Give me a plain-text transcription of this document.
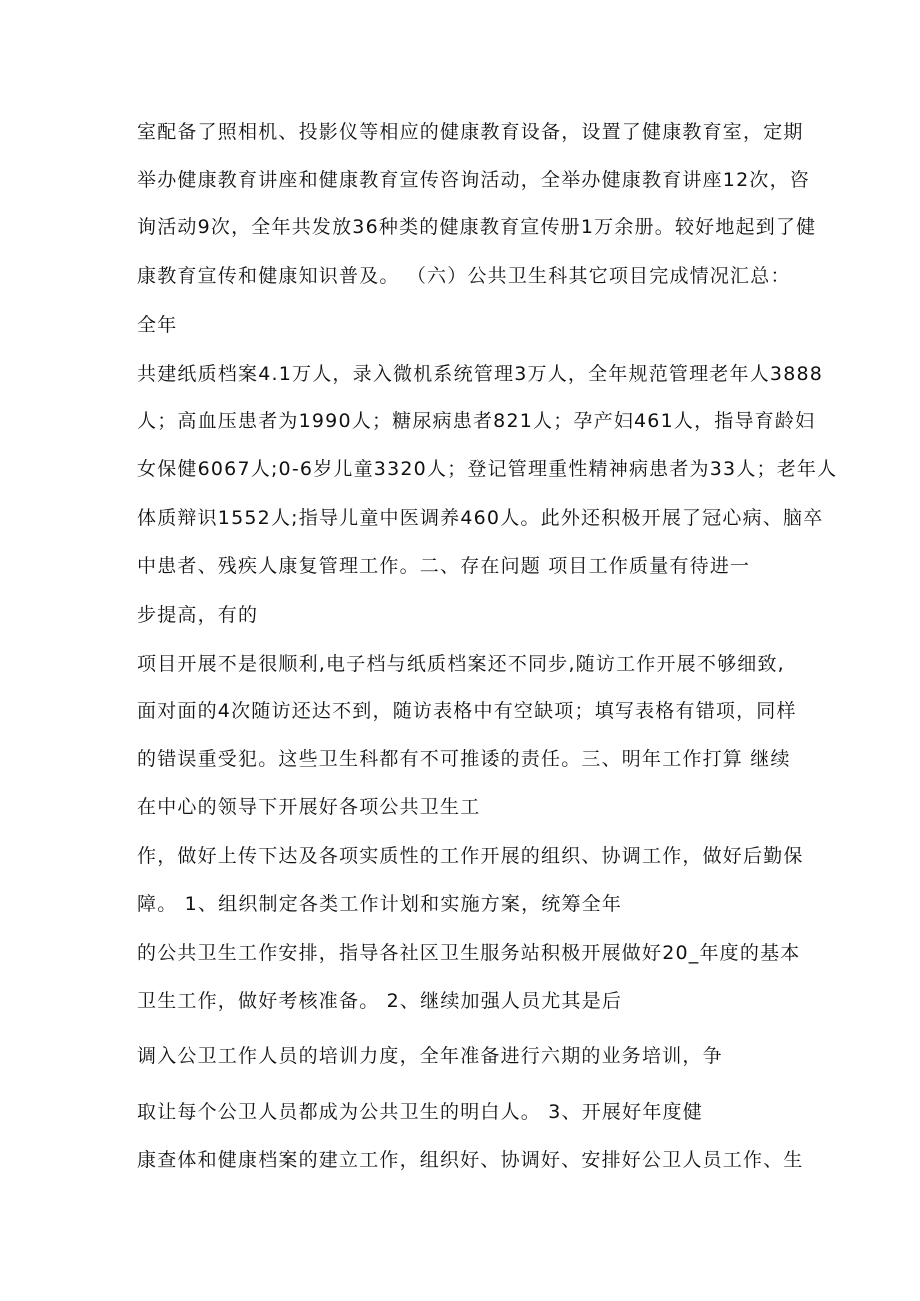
室配备了照相机、投影仪等相应的健康教育设备，设置了健康教育室，定期

举办健康教育讲座和健康教育宣传咨询活动，全举办健康教育讲座12次，咨

询活动9次，全年共发放36种类的健康教育宣传册1万余册。较好地起到了健

康教育宣传和健康知识普及。 （六）公共卫生科其它项目完成情况汇总：

全年

共建纸质档案4.1万人，录入微机系统管理3万人，全年规范管理老年人3888

人；高血压患者为1990人；糖尿病患者821人；孕产妇461人，指导育龄妇

女保健6067人;0-6岁儿童3320人；登记管理重性精神病患者为33人；老年人

体质辩识1552人;指导儿童中医调养460人。此外还积极开展了冠心病、脑卒

中患者、残疾人康复管理工作。二、存在问题 项目工作质量有待进一

步提高，有的

项目开展不是很顺利,电子档与纸质档案还不同步,随访工作开展不够细致,

面对面的4次随访还达不到，随访表格中有空缺项；填写表格有错项，同样

的错误重受犯。这些卫生科都有不可推诿的责任。三、明年工作打算 继续

在中心的领导下开展好各项公共卫生工

作，做好上传下达及各项实质性的工作开展的组织、协调工作，做好后勤保

障。 1、组织制定各类工作计划和实施方案，统筹全年

的公共卫生工作安排，指导各社区卫生服务站积极开展做好20_年度的基本

卫生工作，做好考核准备。 2、继续加强人员尤其是后

调入公卫工作人员的培训力度，全年准备进行六期的业务培训，争

取让每个公卫人员都成为公共卫生的明白人。 3、开展好年度健

康查体和健康档案的建立工作，组织好、协调好、安排好公卫人员工作、生
